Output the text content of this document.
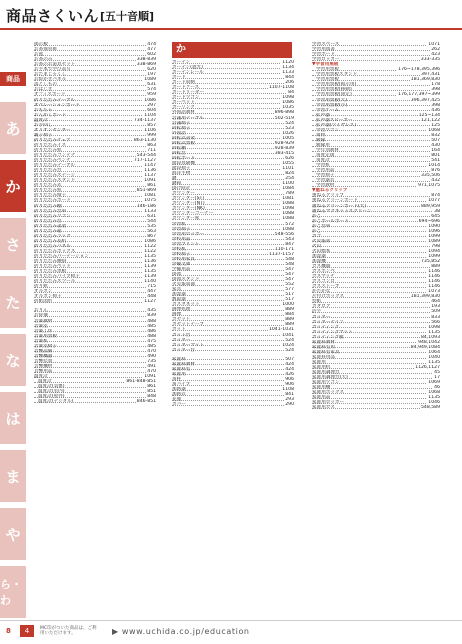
商品さくいん [五十音順]
商品
あ
か
さ
た
な
は
ま
や
ら・わ
掲示板	474
お茶保管庫	477
お盆	602
お茶のみ	338-839
お茶のお道具セット	338-869
お手本で学び書写	620
おたまじゃくし	197
お絵かきパネル	1089
落としもの	631
おはじき	574
オフィスボード	959
折りたたみテーブル	1086
オペレーションボード	297
おもちゃ	604
おんがくボード	1104
温度計	734-1137
お手回し	857
オリオンセンター	1106
親子椅子	999
折りたたみチェア	863-1130
折りたたみイス	863
折りたたみ机	711
折りたたみコンテナ	543-544
折りたたみベンチ	717-1127
折りたたみテーブル	1147
折りたたみ台	1136
折りたたみステージ	1137
折りたたみスタンド	1091
折りたたみ式	861
折りたたみ机	851-869
折りたたみ椅子	1081
折りたたみボード	1075
折りたたみ棚	146-186
折りたたみ台車	1133
折りたたみワゴン	631
折りたたみ台	544
折りたたみ書架	535
折りたたみ箱	563
折りたたみラック	867
折りたたみ長机	1086
折りたたみパネル	1122
折りたたみボックス	1122
折りたたみパーテーション	1135
折りたたみ腰掛	1136
折りたたみベッド	1139
折りたたみ黒板	1135
折りたたみパイプ椅子	1139
折りたたみスツール	1140
折り紙	715
オルガン	447
オルガン椅子	448
折紙図形	1127
おりん	435
お辞儀	839
音楽教材	488
音楽室	485
音楽工作	486
音楽用黒板	488
音楽机	475
音楽室椅子	485
音響設備	470
音響機器	490
音響装置	735
音響機材	491
音響用品	470
温度計	1091
温度計	861-848-851
温度計(気象)	861
温度計(室内)	851
温度計(屋外)	848
温度計(デジタル)	846-851
か
カーテン	1120
カーテン(遮光)	1134
カーテンレール	1133
カード	844
カード収納	206
カードケース	1107-1108
カードリーダー	84
カードワゴン	1098
カーペット	1086
カーリング	1035
外国語教材	896-898
会議用テーブル	502-519
会議椅子	524
回転椅子	523
外国語	1026
回転式書架	1005
回転式黒板	928-929
回転棚	928-839
回転台	383-415
回転ボード	626
階段昇降機	1055
階段椅子	1101
海洋生物	824
鍵	254
鍵箱	1100
掛け時計	1084
カウンター	789
カウンター(ST)	1081
カウンター(NT)	1088
カウンター(NK)	1098
カウンターコーナー	1088
カウンター席	1088
学習机	572
学習椅子	1088
学習用ロッカー	548-556
学校用品	543
学習プリント	847
学校机	110-171
学校椅子	1137-1157
学校用家具	548
学級文庫	548
学級用品	547
掛図	547
掛図スタンド	547
火災報知器	552
家具	577
加湿器	517
数取器	517
カスタネット	1000
画像処理	889
画像	884
カセット	889
カセットテープ	889
カット	1041-1031
カット台	1041
カッター	524
カッターマット	1024
カッター台	524
家庭科	507
家庭科教材	424
家庭科室	424
家庭用	426
角柱	906
角パイプ	906
加熱器	1108
加熱式	841
花瓶	293
カバー	290
学習スペース	1071
学習用図書	262
学習ボード	423
学習ロッカー	333-335
▼学習用黒板
学習用黒板	176~178,395,396
学習用黒板スタンド	397,431
学習用黒板	181,369,830
学習用黒板(掲示用)	178
学習用黒板(移動)	398
学習用黒板(固定)	176,177,397~399
学習用黒板(大)	396,397,425
学習用黒板(小)	398
学習ゲーム	436
拡声器	125~134
拡声器スピーカー	121,122
拡声器(ワイヤレス)	125
学習ワゴン	1068
角材	832
額縁	507
額縁用	430
学年別教材	164
角度定規	801
角度計	541
学習机	1014
学習用品	876
学習椅子	335,506
学習器具	432
学習教材	971,1075
▼重ねるクリップ
重ねるクリップ	874
重ねるクリーンボード	1077
重ねるクリーンボード(大)	889,959
重ねるマグネットスクリーン	38
かご	645
かごボールボード	694~696
かご台車	1090
かご	1096
カゴ	1099
火災報知	1089
火山	798
火山標本	1094
加湿器	1099
加湿機	735,852
ガス機器	889
ガスボンベ	1146
ガスマッチ	1146
ガスコンロ	1146
ガスストーブ	1146
かたかな	1073
片付けボックス	181,399,830
型紙	464
カタログ	193
活字	509
カッター	833
カッターナイフ	566
カッティング	1098
カッティングマット	1135
カッティング板	84,1093
家庭科教材	948,1042
家庭科室用	84,949,1084
家庭科室家具	1064
家庭科用品	1040
家庭用	1135
家庭用机	1126,1127
家庭用調理台	45
家庭用調理台(大)	17
家庭用ワゴン	1069
家庭用棚	46
家庭用ボックス	1068
家庭用品	1135
家庭用ロッカー	1046
家庭用ガス	548,589
8	4	MC印がついた商品は、ご利用いただけます。	▶ www.uchida.co.jp/education
